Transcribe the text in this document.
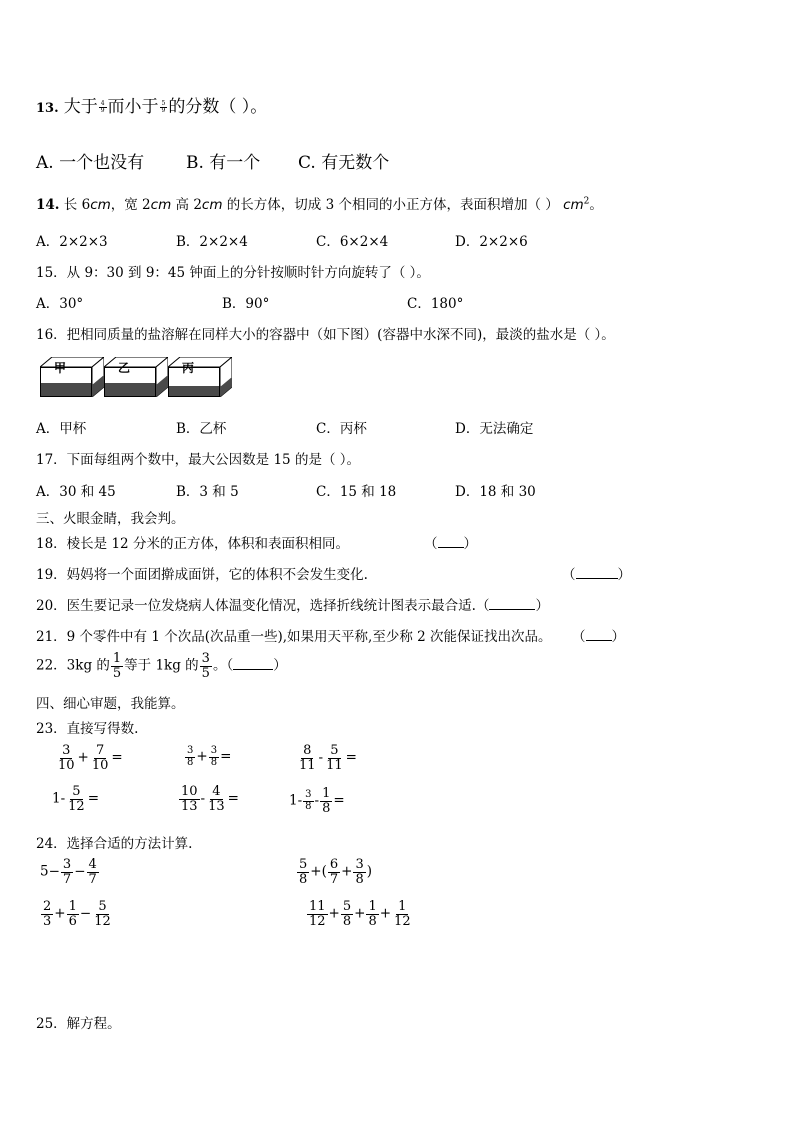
13. 大于 $\frac{4}{9}$ 而小于 $\frac{5}{9}$ 的分数（ ）。
A. 一个也没有 B. 有一个 C. 有无数个
14. 长 6cm，宽 2cm 高 2cm 的长方体，切成 3 个相同的小正方体，表面积增加（ ） $cm^2$。
A．2×2×3	B．2×2×4	C．6×2×4	D．2×2×6
15．从 9：30 到 9：45 钟面上的分针按顺时针方向旋转了（ ）。
A．30°	B．90°	C．180°
16．把相同质量的盐溶解在同样大小的容器中（如下图）(容器中水深不同)，最淡的盐水是（ ）。
甲	乙	丙
A．甲杯	B．乙杯	C．丙杯	D．无法确定
17．下面每组两个数中，最大公因数是 15 的是（ ）。
A．30 和 45	B．3 和 5	C．15 和 18	D．18 和 30
三、火眼金睛，我会判。
18．棱长是 12 分米的正方体，体积和表面积相同。	（ ）
19．妈妈将一个面团擀成面饼，它的体积不会发生变化.	（	）
20．医生要记录一位发烧病人体温变化情况，选择折线统计图表示最合适.（	）
21．9 个零件中有 1 个次品(次品重一些),如果用天平称,至少称 2 次能保证找出次品。 （ ）
22．3kg 的 $\frac{1}{5}$ 等于 1kg 的 $\frac{3}{5}$ 。（	）
四、细心审题，我能算。
23．直接写得数.
$\frac{3}{10} + \frac{7}{10}$ =	$\frac{3}{8} + \frac{3}{8}$ =	$\frac{8}{11} - \frac{5}{11}$ =
$1- \frac{5}{12}$ =	$\frac{10}{13} - \frac{4}{13}$ =	$1- \frac{3}{8} - \frac{1}{8}$ =
24．选择合适的方法计算.
$5- \frac{3}{7} - \frac{4}{7}$	$\frac{5}{8}$ +( $\frac{6}{7} + \frac{3}{8}$ )
$\frac{2}{3} + \frac{1}{6} - \frac{5}{12}$	$\frac{11}{12} + \frac{5}{8} + \frac{1}{8} + \frac{1}{12}$
25．解方程。
